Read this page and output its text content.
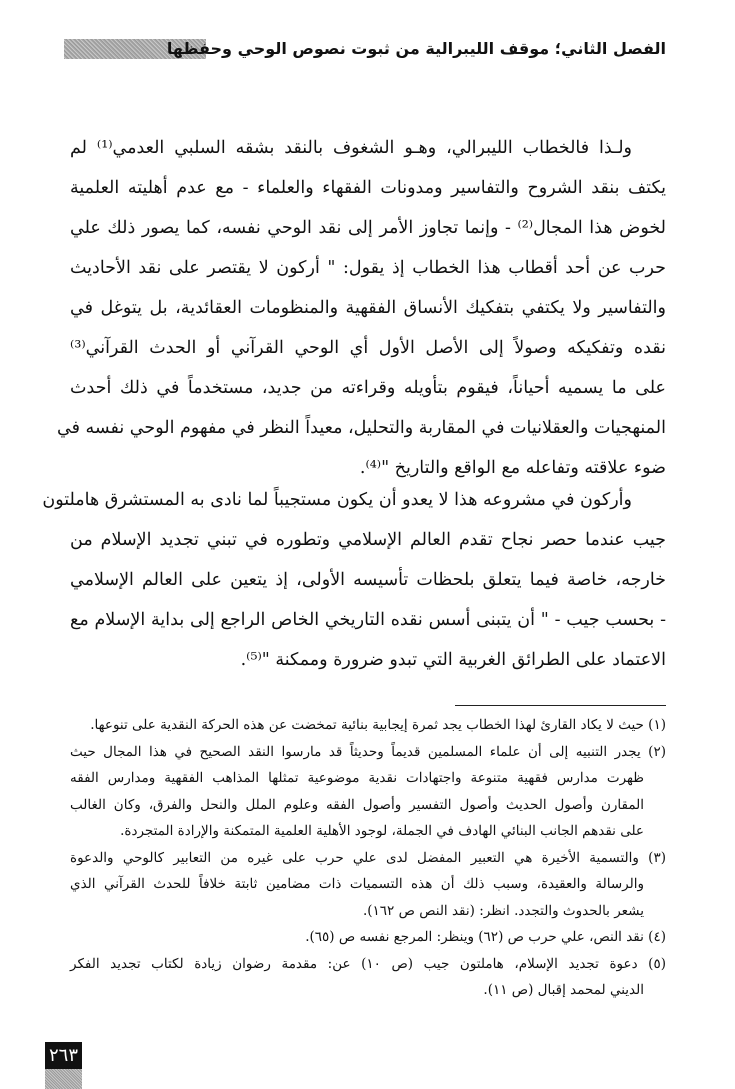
الفصل الثاني؛ موقف الليبرالية من ثبوت نصوص الوحي وحفظها
ولـذا فالخطاب الليبرالي، وهـو الشغوف بالنقد بشقه السلبي العدمي⁽¹⁾ لم
يكتف بنقد الشروح والتفاسير ومدونات الفقهاء والعلماء - مع عدم أهليته العلمية
لخوض هذا المجال⁽²⁾ - وإنما تجاوز الأمر إلى نقد الوحي نفسه، كما يصور ذلك علي
حرب عن أحد أقطاب هذا الخطاب إذ يقول: " أركون لا يقتصر على نقد الأحاديث
والتفاسير ولا يكتفي بتفكيك الأنساق الفقهية والمنظومات العقائدية، بل يتوغل في
نقده وتفكيكه وصولاً إلى الأصل الأول أي الوحي القرآني أو الحدث القرآني⁽³⁾
على ما يسميه أحياناً، فيقوم بتأويله وقراءته من جديد، مستخدماً في ذلك أحدث
المنهجيات والعقلانيات في المقاربة والتحليل، معيداً النظر في مفهوم الوحي نفسه في
ضوء علاقته وتفاعله مع الواقع والتاريخ "⁽⁴⁾.
وأركون في مشروعه هذا لا يعدو أن يكون مستجيباً لما نادى به المستشرق هاملتون
جيب عندما حصر نجاح تقدم العالم الإسلامي وتطوره في تبني تجديد الإسلام من
خارجه، خاصة فيما يتعلق بلحظات تأسيسه الأولى، إذ يتعين على العالم الإسلامي
- بحسب جيب - " أن يتبنى أسس نقده التاريخي الخاص الراجع إلى بداية الإسلام مع
الاعتماد على الطرائق الغربية التي تبدو ضرورة وممكنة "⁽⁵⁾.
(١) حيث لا يكاد القارئ لهذا الخطاب يجد ثمرة إيجابية بنائية تمخضت عن هذه الحركة النقدية على تنوعها.
(٢) يجدر التنبيه إلى أن علماء المسلمين قديماً وحديثاً قد مارسوا النقد الصحيح في هذا المجال حيث
ظهرت مدارس فقهية متنوعة واجتهادات نقدية موضوعية تمثلها المذاهب الفقهية ومدارس الفقه
المقارن وأصول الحديث وأصول التفسير وأصول الفقه وعلوم الملل والنحل والفرق، وكان الغالب
على نقدهم الجانب البنائي الهادف في الجملة، لوجود الأهلية العلمية المتمكنة والإرادة المتجردة.
(٣) والتسمية الأخيرة هي التعبير المفضل لدى علي حرب على غيره من التعابير كالوحي والدعوة
والرسالة والعقيدة، وسبب ذلك أن هذه التسميات ذات مضامين ثابتة خلافاً للحدث القرآني الذي
يشعر بالحدوث والتجدد. انظر: (نقد النص ص ١٦٢).
(٤) نقد النص، علي حرب ص (٦٢) وينظر: المرجع نفسه ص (٦٥).
(٥) دعوة تجديد الإسلام، هاملتون جيب (ص ١٠) عن: مقدمة رضوان زيادة لكتاب تجديد الفكر
الديني لمحمد إقبال (ص ١١).
٢٦٣
